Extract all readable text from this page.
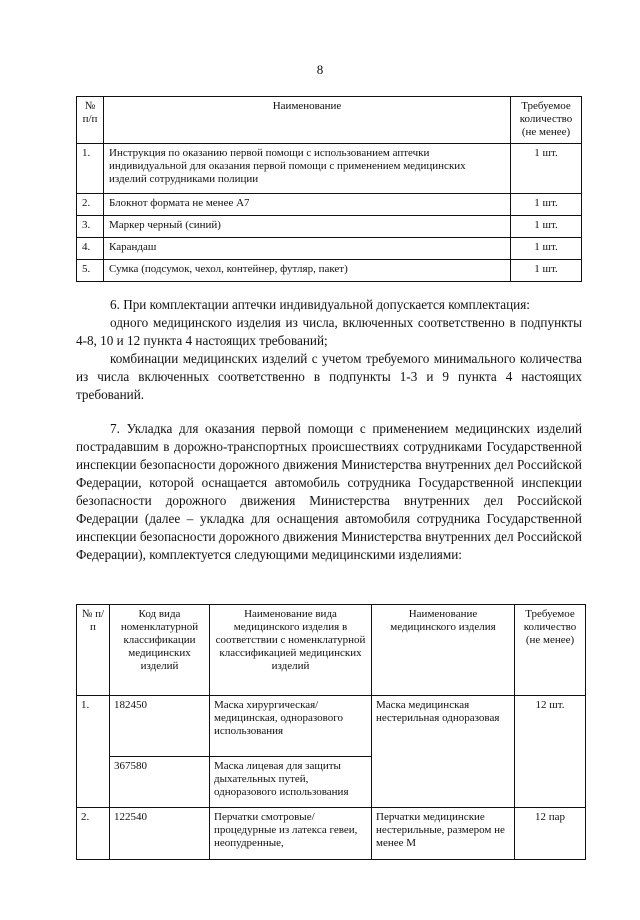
8
№ п/п	Наименование	Требуемое количество (не менее)
1.	Инструкция по оказанию первой помощи с использованием аптечки индивидуальной для оказания первой помощи с применением медицинских изделий сотрудниками полиции	1 шт.
2.	Блокнот формата не менее А7	1 шт.
3.	Маркер черный (синий)	1 шт.
4.	Карандаш	1 шт.
5.	Сумка (подсумок, чехол, контейнер, футляр, пакет)	1 шт.

6. При комплектации аптечки индивидуальной допускается комплектация:

одного медицинского изделия из числа, включенных соответственно в подпункты 4-8, 10 и 12 пункта 4 настоящих требований;

комбинации медицинских изделий с учетом требуемого минимального количества из числа включенных соответственно в подпункты 1-3 и 9 пункта 4 настоящих требований.

7. Укладка для оказания первой помощи с применением медицинских изделий пострадавшим в дорожно-транспортных происшествиях сотрудниками Государственной инспекции безопасности дорожного движения Министерства внутренних дел Российской Федерации, которой оснащается автомобиль сотрудника Государственной инспекции безопасности дорожного движения Министерства внутренних дел Российской Федерации (далее – укладка для оснащения автомобиля сотрудника Государственной инспекции безопасности дорожного движения Министерства внутренних дел Российской Федерации), комплектуется следующими медицинскими изделиями:

№ п/п	Код вида номенклатурной классификации медицинских изделий	Наименование вида медицинского изделия в соответствии с номенклатурной классификацией медицинских изделий	Наименование медицинского изделия	Требуемое количество (не менее)
1.	182450	Маска хирургическая/ медицинская, одноразового использования	Маска медицинская нестерильная одноразовая	12 шт.
	367580	Маска лицевая для защиты дыхательных путей, одноразового использования		
2.	122540	Перчатки смотровые/ процедурные из латекса гевеи, неопудренные,	Перчатки медицинские нестерильные, размером не менее М	12 пар
